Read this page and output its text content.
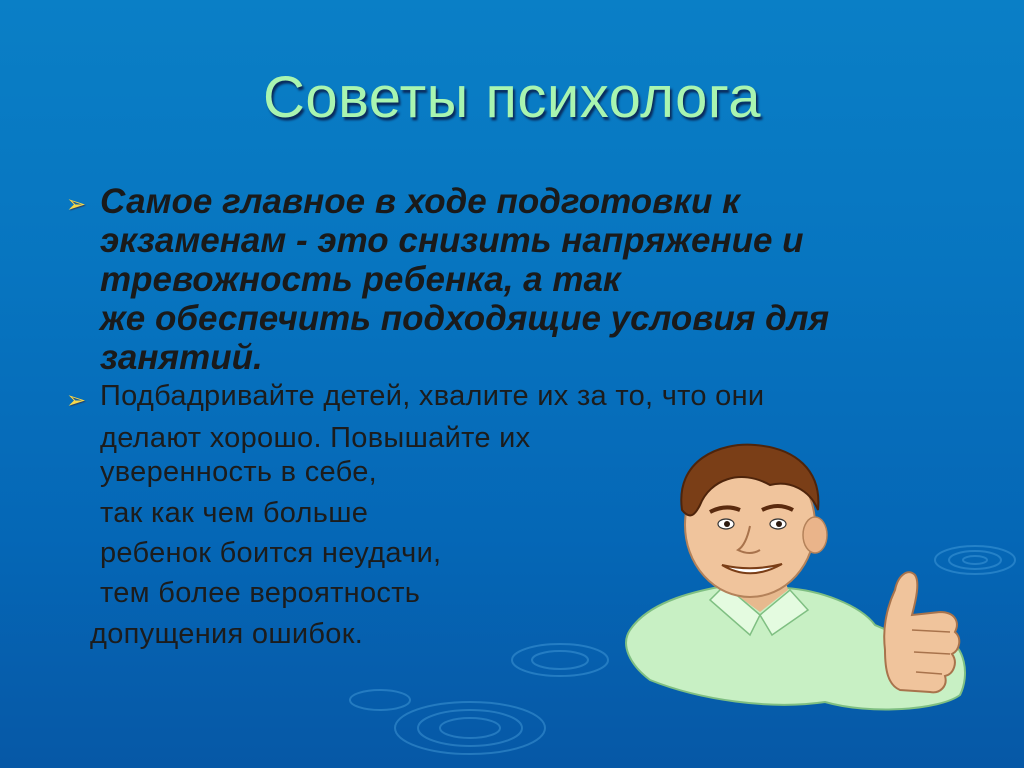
Советы психолога
➢ Самое главное в ходе подготовки к
экзаменам - это снизить напряжение и
тревожность ребенка, а так
же обеспечить подходящие условия для
занятий.
➢ Подбадривайте детей, хвалите их за то, что они
делают хорошо. Повышайте их
уверенность в себе,
так как чем больше
ребенок боится неудачи,
тем более вероятность
допущения ошибок.
